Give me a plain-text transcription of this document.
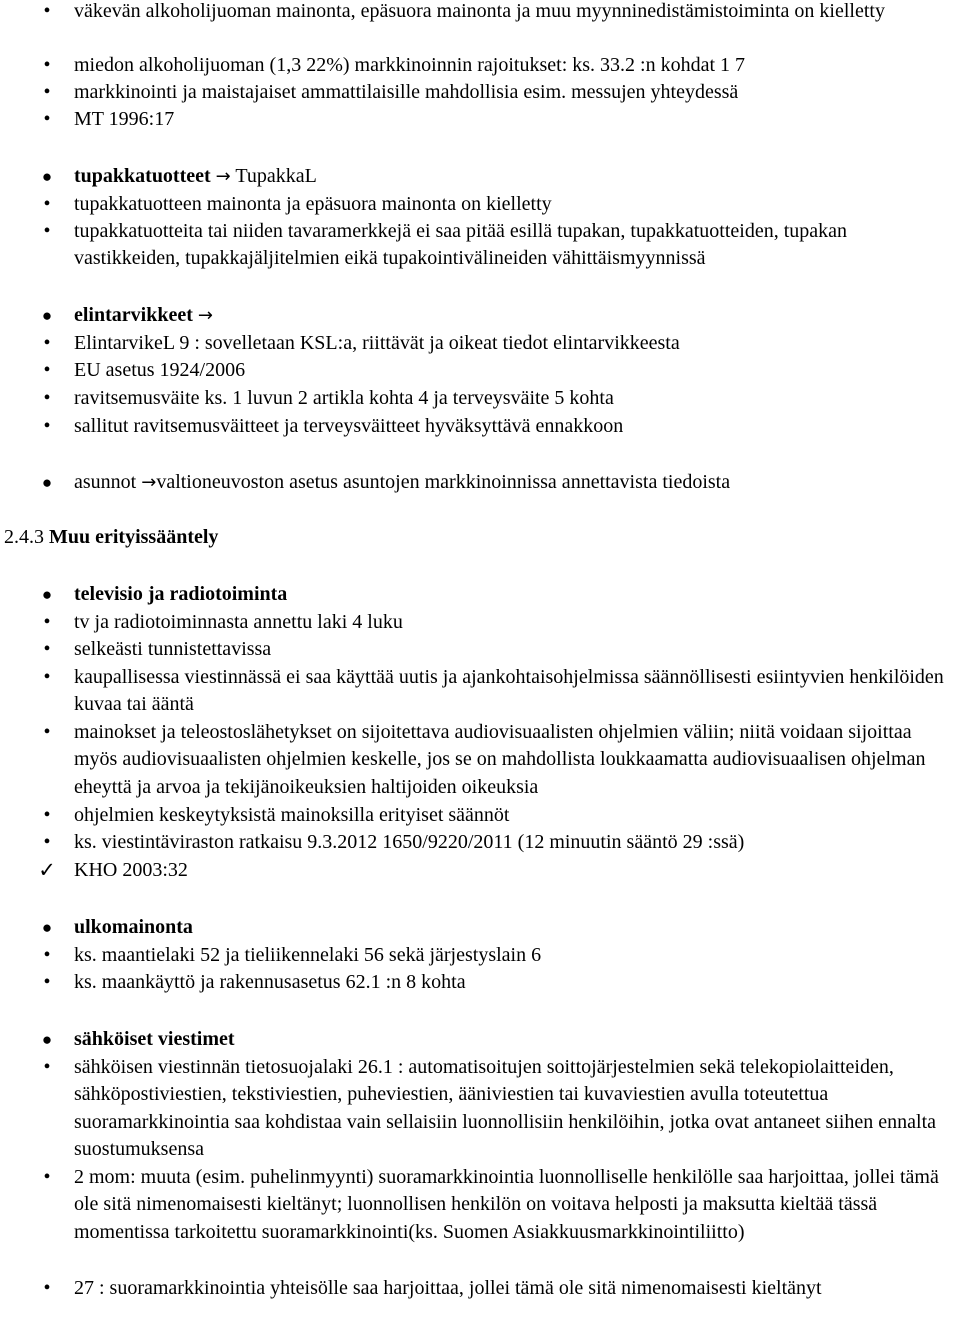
• väkevän alkoholijuoman mainonta, epäsuora mainonta ja muu myynninedistämistoiminta on kielletty
• miedon alkoholijuoman (1,3 22%) markkinoinnin rajoitukset: ks. 33.2 :n kohdat 1 7
• markkinointi ja maistajaiset ammattilaisille mahdollisia esim. messujen yhteydessä
• MT 1996:17
● tupakkatuotteet → TupakkaL
• tupakkatuotteen mainonta ja epäsuora mainonta on kielletty
• tupakkatuotteita tai niiden tavaramerkkejä ei saa pitää esillä tupakan, tupakkatuotteiden, tupakan vastikkeiden, tupakkajäljitelmien eikä tupakointivälineiden vähittäismyynnissä
● elintarvikkeet →
• ElintarvikeL 9 : sovelletaan KSL:a, riittävät ja oikeat tiedot elintarvikkeesta
• EU asetus 1924/2006
• ravitsemusväite ks. 1 luvun 2 artikla kohta 4 ja terveysväite 5 kohta
• sallitut ravitsemusväitteet ja terveysväitteet hyväksyttävä ennakkoon
● asunnot →valtioneuvoston asetus asuntojen markkinoinnissa annettavista tiedoista
2.4.3 Muu erityissääntely
● televisio ja radiotoiminta
• tv ja radiotoiminnasta annettu laki 4 luku
• selkeästi tunnistettavissa
• kaupallisessa viestinnässä ei saa käyttää uutis ja ajankohtaisohjelmissa säännöllisesti esiintyvien henkilöiden kuvaa tai ääntä
• mainokset ja teleostoslähetykset on sijoitettava audiovisuaalisten ohjelmien väliin; niitä voidaan sijoittaa myös audiovisuaalisten ohjelmien keskelle, jos se on mahdollista loukkaamatta audiovisuaalisen ohjelman eheyttä ja arvoa ja tekijänoikeuksien haltijoiden oikeuksia
• ohjelmien keskeytyksistä mainoksilla erityiset säännöt
• ks. viestintäviraston ratkaisu 9.3.2012 1650/9220/2011 (12 minuutin sääntö 29 :ssä)
✓ KHO 2003:32
● ulkomainonta
• ks. maantielaki 52 ja tieliikennelaki 56 sekä järjestyslain 6
• ks. maankäyttö ja rakennusasetus 62.1 :n 8 kohta
● sähköiset viestimet
• sähköisen viestinnän tietosuojalaki 26.1 : automatisoitujen soittojärjestelmien sekä telekopiolaitteiden, sähköpostiviestien, tekstiviestien, puheviestien, ääniviestien tai kuvaviestien avulla toteutettua suoramarkkinointia saa kohdistaa vain sellaisiin luonnollisiin henkilöihin, jotka ovat antaneet siihen ennalta suostumuksensa
• 2 mom: muuta (esim. puhelinmyynti) suoramarkkinointia luonnolliselle henkilölle saa harjoittaa, jollei tämä ole sitä nimenomaisesti kieltänyt; luonnollisen henkilön on voitava helposti ja maksutta kieltää tässä momentissa tarkoitettu suoramarkkinointi(ks. Suomen Asiakkuusmarkkinointiliitto)
• 27 : suoramarkkinointia yhteisölle saa harjoittaa, jollei tämä ole sitä nimenomaisesti kieltänyt
